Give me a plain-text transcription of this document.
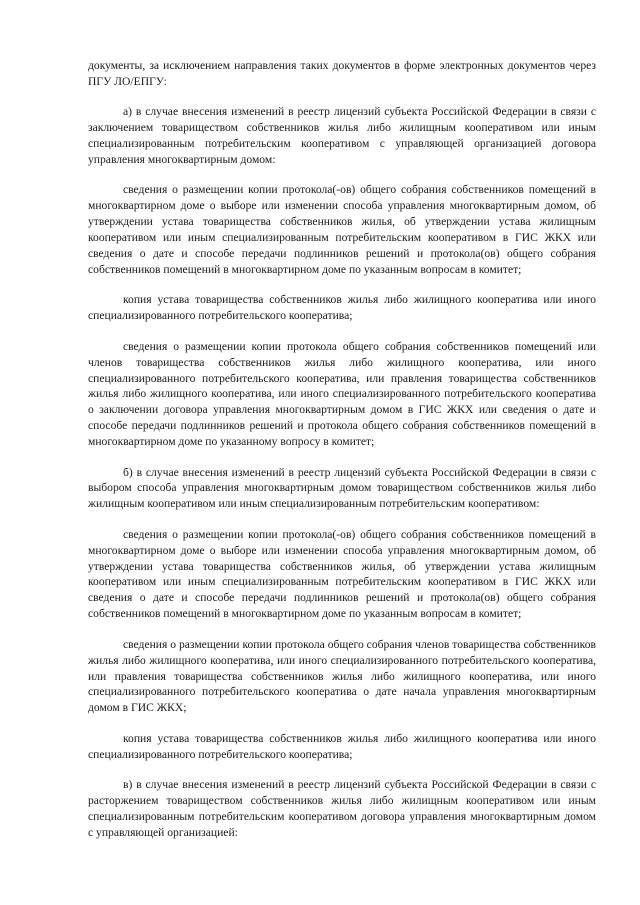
документы, за исключением направления таких документов в форме электронных документов через ПГУ ЛО/ЕПГУ:

а) в случае внесения изменений в реестр лицензий субъекта Российской Федерации в связи с заключением товариществом собственников жилья либо жилищным кооперативом или иным специализированным потребительским кооперативом с управляющей организацией договора управления многоквартирным домом:

сведения о размещении копии протокола(-ов) общего собрания собственников помещений в многоквартирном доме о выборе или изменении способа управления многоквартирным домом, об утверждении устава товарищества собственников жилья, об утверждении устава жилищным кооперативом или иным специализированным потребительским кооперативом в ГИС ЖКХ или сведения о дате и способе передачи подлинников решений и протокола(ов) общего собрания собственников помещений в многоквартирном доме по указанным вопросам в комитет;

копия устава товарищества собственников жилья либо жилищного кооператива или иного специализированного потребительского кооператива;

сведения о размещении копии протокола общего собрания собственников помещений или членов товарищества собственников жилья либо жилищного кооператива, или иного специализированного потребительского кооператива, или правления товарищества собственников жилья либо жилищного кооператива, или иного специализированного потребительского кооператива о заключении договора управления многоквартирным домом в ГИС ЖКХ или сведения о дате и способе передачи подлинников решений и протокола общего собрания собственников помещений в многоквартирном доме по указанному вопросу в комитет;

б) в случае внесения изменений в реестр лицензий субъекта Российской Федерации в связи с выбором способа управления многоквартирным домом товариществом собственников жилья либо жилищным кооперативом или иным специализированным потребительским кооперативом:

сведения о размещении копии протокола(-ов) общего собрания собственников помещений в многоквартирном доме о выборе или изменении способа управления многоквартирным домом, об утверждении устава товарищества собственников жилья, об утверждении устава жилищным кооперативом или иным специализированным потребительским кооперативом в ГИС ЖКХ или сведения о дате и способе передачи подлинников решений и протокола(ов) общего собрания собственников помещений в многоквартирном доме по указанным вопросам в комитет;

сведения о размещении копии протокола общего собрания членов товарищества собственников жилья либо жилищного кооператива, или иного специализированного потребительского кооператива, или правления товарищества собственников жилья либо жилищного кооператива, или иного специализированного потребительского кооператива о дате начала управления многоквартирным домом в ГИС ЖКХ;

копия устава товарищества собственников жилья либо жилищного кооператива или иного специализированного потребительского кооператива;

в) в случае внесения изменений в реестр лицензий субъекта Российской Федерации в связи с расторжением товариществом собственников жилья либо жилищным кооперативом или иным специализированным потребительским кооперативом договора управления многоквартирным домом с управляющей организацией:
